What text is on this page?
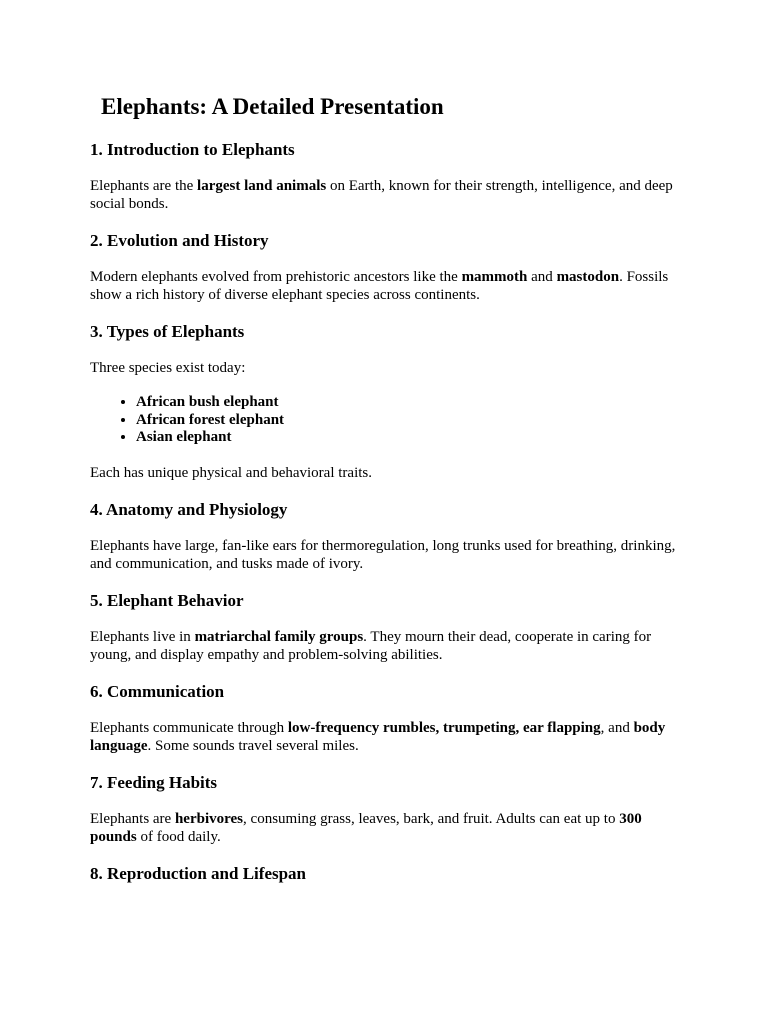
Elephants: A Detailed Presentation
1. Introduction to Elephants

Elephants are the largest land animals on Earth, known for their strength, intelligence, and deep social bonds.

2. Evolution and History

Modern elephants evolved from prehistoric ancestors like the mammoth and mastodon. Fossils show a rich history of diverse elephant species across continents.

3. Types of Elephants

Three species exist today:

• African bush elephant
• African forest elephant
• Asian elephant

Each has unique physical and behavioral traits.

4. Anatomy and Physiology

Elephants have large, fan-like ears for thermoregulation, long trunks used for breathing, drinking, and communication, and tusks made of ivory.

5. Elephant Behavior

Elephants live in matriarchal family groups. They mourn their dead, cooperate in caring for young, and display empathy and problem-solving abilities.

6. Communication

Elephants communicate through low-frequency rumbles, trumpeting, ear flapping, and body language. Some sounds travel several miles.

7. Feeding Habits

Elephants are herbivores, consuming grass, leaves, bark, and fruit. Adults can eat up to 300 pounds of food daily.

8. Reproduction and Lifespan
